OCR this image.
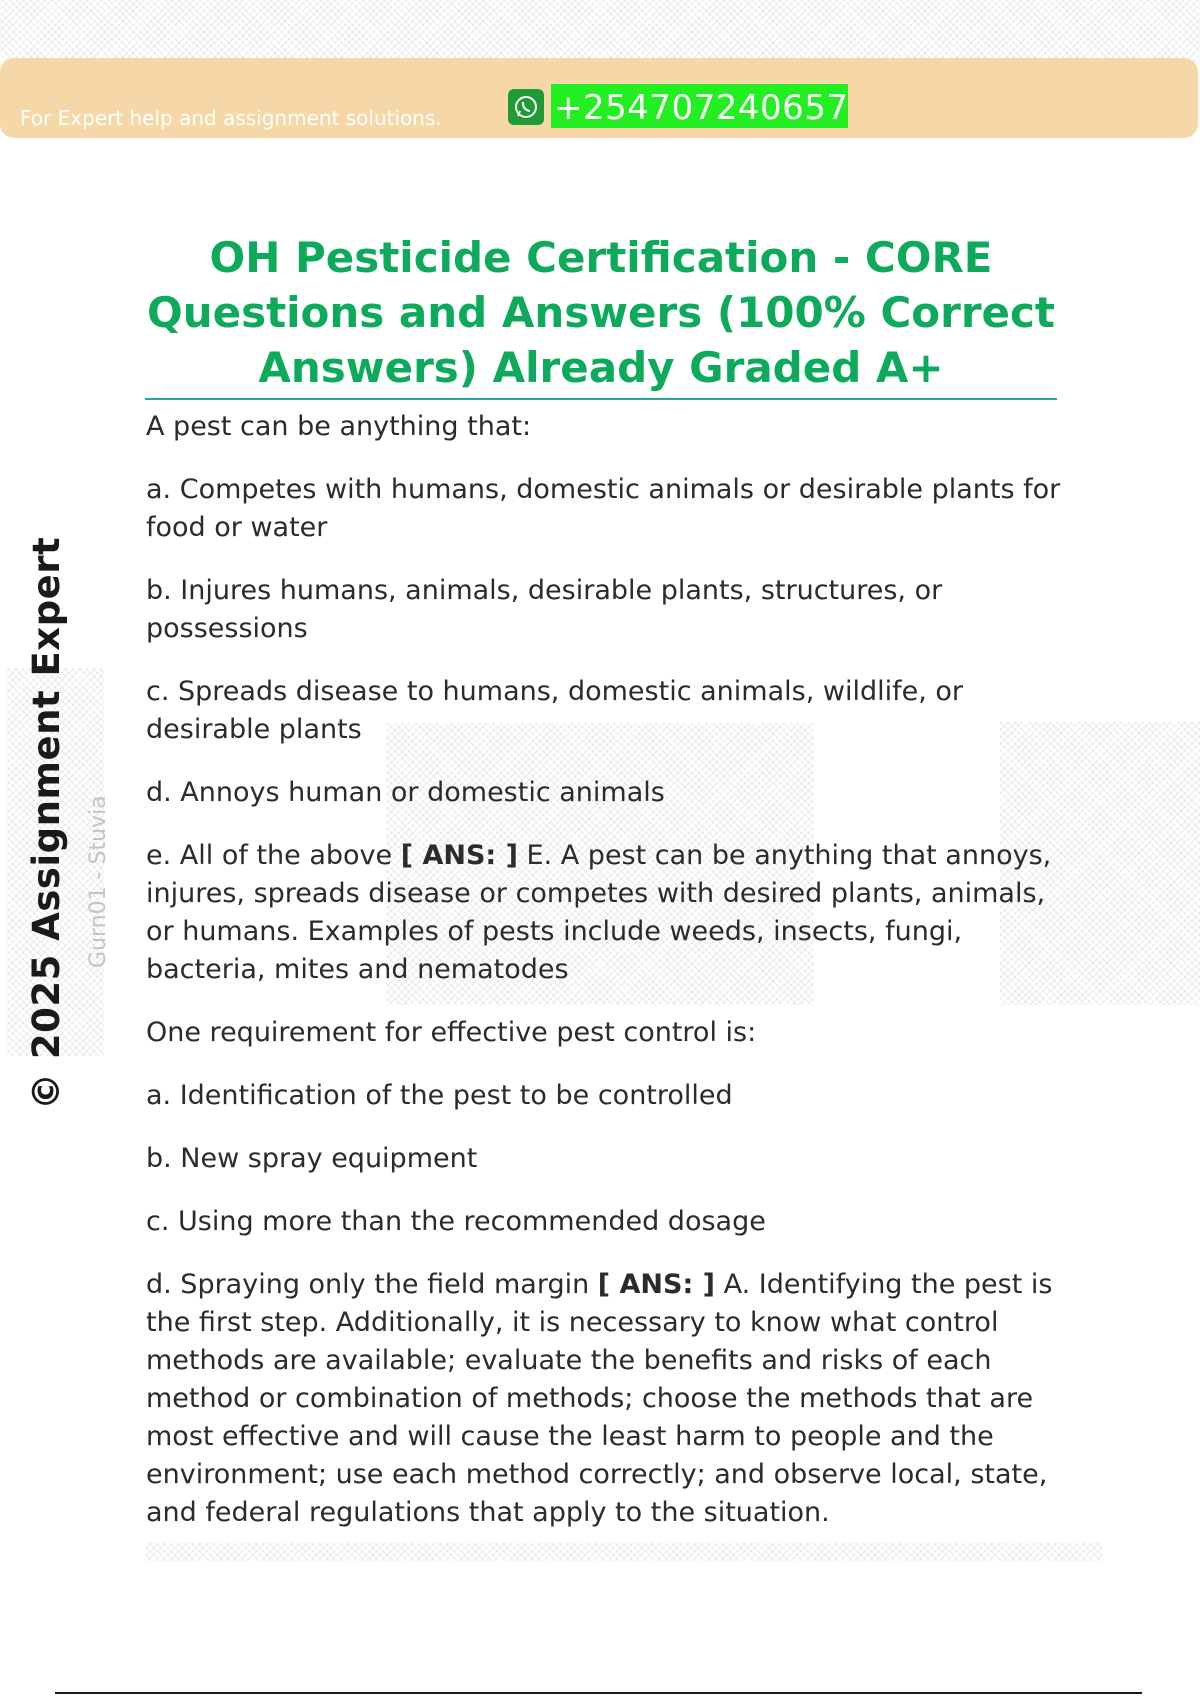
For Expert help and assignment solutions.	+254707240657
OH Pesticide Certification - CORE
Questions and Answers (100% Correct
Answers) Already Graded A+
© 2025 Assignment Expert Gurn01 - Stuvia

A pest can be anything that:

a. Competes with humans, domestic animals or desirable plants for food or water

b. Injures humans, animals, desirable plants, structures, or possessions

c. Spreads disease to humans, domestic animals, wildlife, or desirable plants

d. Annoys human or domestic animals

e. All of the above [ ANS: ] E. A pest can be anything that annoys, injures, spreads disease or competes with desired plants, animals, or humans. Examples of pests include weeds, insects, fungi, bacteria, mites and nematodes

One requirement for effective pest control is:

a. Identification of the pest to be controlled

b. New spray equipment

c. Using more than the recommended dosage

d. Spraying only the field margin [ ANS: ] A. Identifying the pest is the first step. Additionally, it is necessary to know what control methods are available; evaluate the benefits and risks of each method or combination of methods; choose the methods that are most effective and will cause the least harm to people and the environment; use each method correctly; and observe local, state, and federal regulations that apply to the situation.
